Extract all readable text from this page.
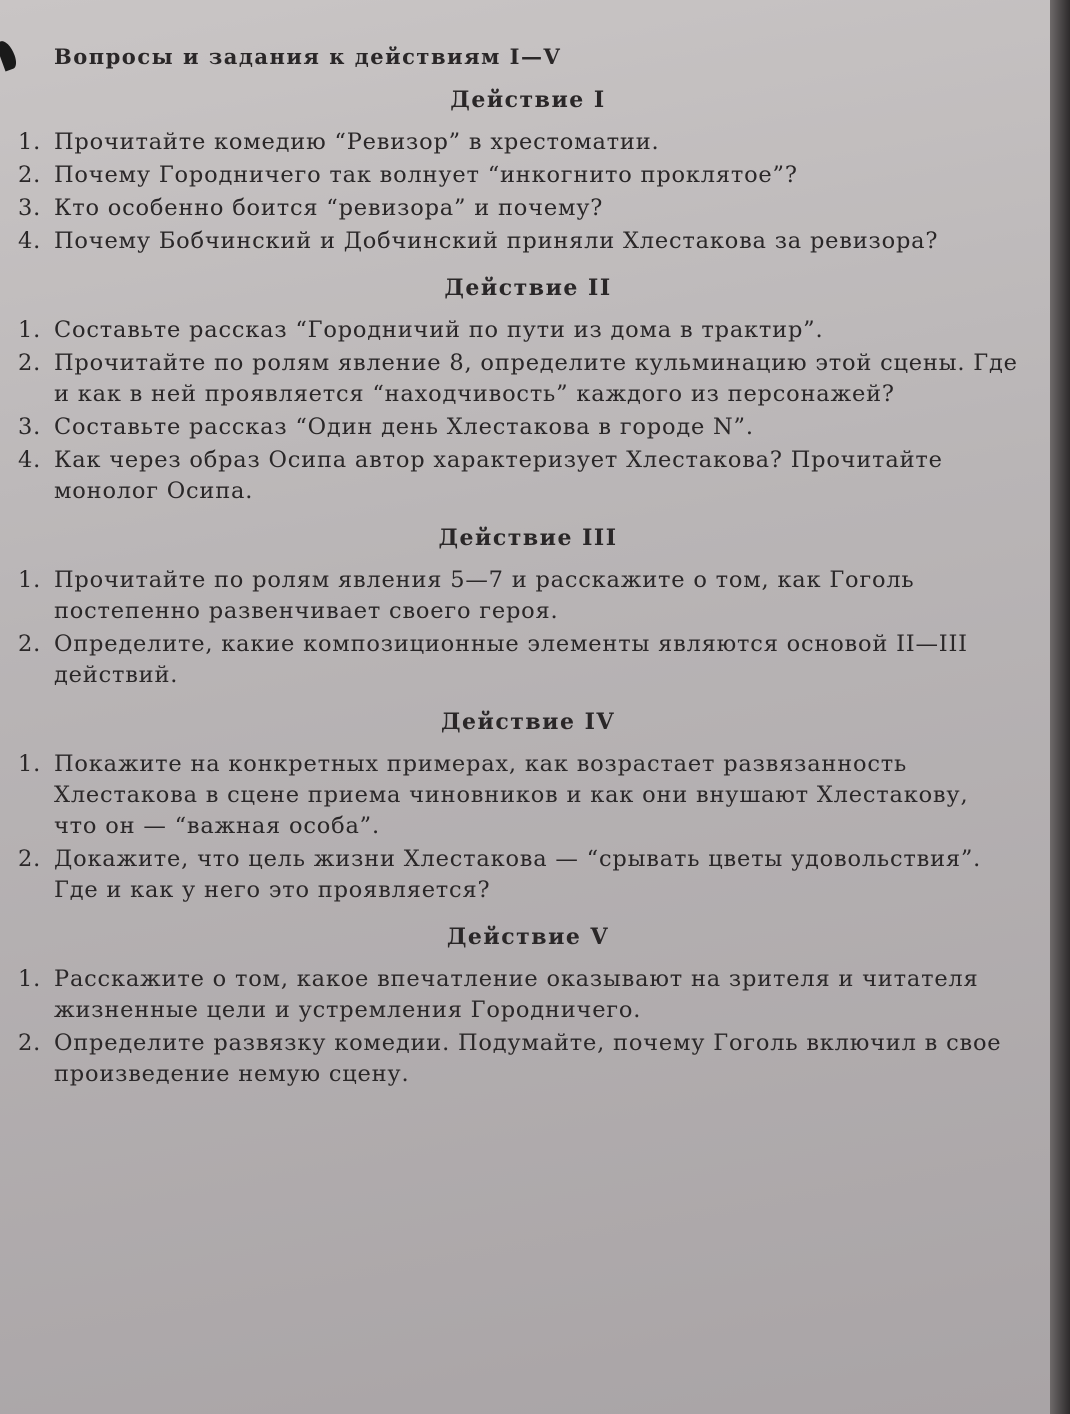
Вопросы и задания к действиям I—V
Действие I
1. Прочитайте комедию “Ревизор” в хрестоматии.
2. Почему Городничего так волнует “инкогнито проклятое”?
3. Кто особенно боится “ревизора” и почему?
4. Почему Бобчинский и Добчинский приняли Хлестакова за ревизора?
Действие II
1. Составьте рассказ “Городничий по пути из дома в трактир”.
2. Прочитайте по ролям явление 8, определите кульминацию этой сцены. Где и как в ней проявляется “находчивость” каждого из персонажей?
3. Составьте рассказ “Один день Хлестакова в городе N”.
4. Как через образ Осипа автор характеризует Хлестакова? Прочитайте монолог Осипа.
Действие III
1. Прочитайте по ролям явления 5—7 и расскажите о том, как Гоголь постепенно развенчивает своего героя.
2. Определите, какие композиционные элементы являются основой II—III действий.
Действие IV
1. Покажите на конкретных примерах, как возрастает развязанность Хлестакова в сцене приема чиновников и как они внушают Хлестакову, что он — “важная особа”.
2. Докажите, что цель жизни Хлестакова — “срывать цветы удовольствия”. Где и как у него это проявляется?
Действие V
1. Расскажите о том, какое впечатление оказывают на зрителя и читателя жизненные цели и устремления Городничего.
2. Определите развязку комедии. Подумайте, почему Гоголь включил в свое произведение немую сцену.
